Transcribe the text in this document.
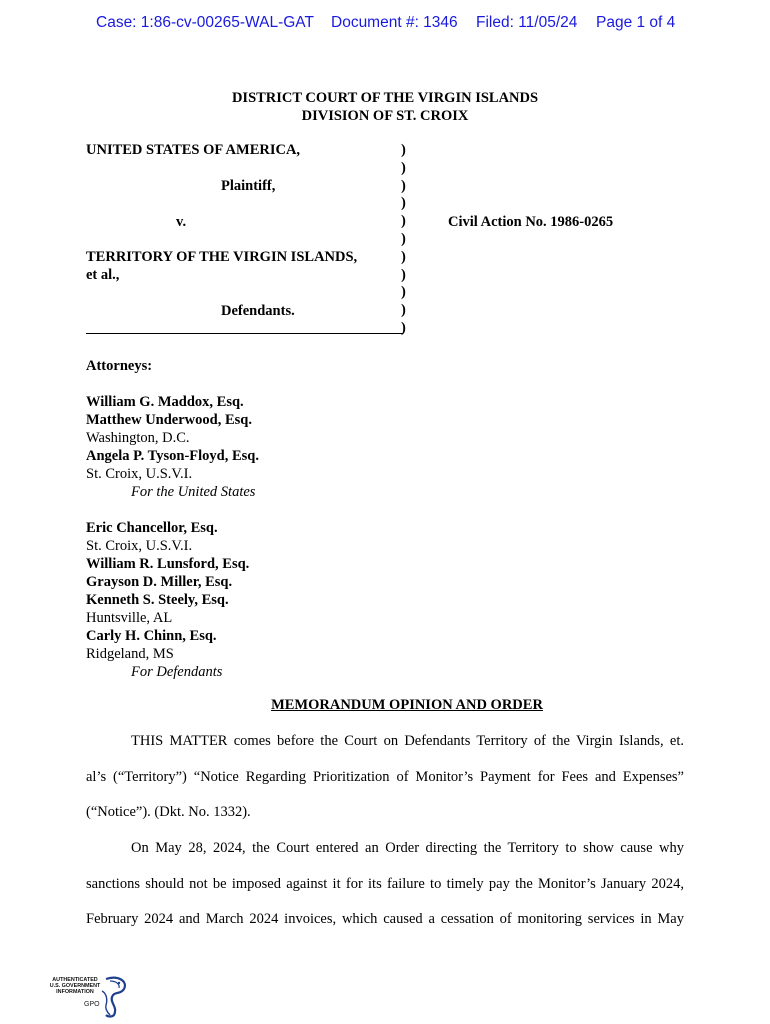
Case: 1:86-cv-00265-WAL-GAT Document #: 1346 Filed: 11/05/24 Page 1 of 4
DISTRICT COURT OF THE VIRGIN ISLANDS
DIVISION OF ST. CROIX
UNITED STATES OF AMERICA,
Plaintiff,
v.
TERRITORY OF THE VIRGIN ISLANDS,
et al.,
Defendants.
)
)
)
)
)
)
)
)
)
)
)
Civil Action No. 1986-0265
Attorneys:
William G. Maddox, Esq.
Matthew Underwood, Esq.
Washington, D.C.
Angela P. Tyson-Floyd, Esq.
St. Croix, U.S.V.I.
For the United States
Eric Chancellor, Esq.
St. Croix, U.S.V.I.
William R. Lunsford, Esq.
Grayson D. Miller, Esq.
Kenneth S. Steely, Esq.
Huntsville, AL
Carly H. Chinn, Esq.
Ridgeland, MS
For Defendants
MEMORANDUM OPINION AND ORDER
THIS MATTER comes before the Court on Defendants Territory of the Virgin Islands, et.
al’s (“Territory”) “Notice Regarding Prioritization of Monitor’s Payment for Fees and Expenses”
(“Notice”). (Dkt. No. 1332).
On May 28, 2024, the Court entered an Order directing the Territory to show cause why
sanctions should not be imposed against it for its failure to timely pay the Monitor’s January 2024,
February 2024 and March 2024 invoices, which caused a cessation of monitoring services in May
AUTHENTICATED
U.S. GOVERNMENT
INFORMATION
GPO
